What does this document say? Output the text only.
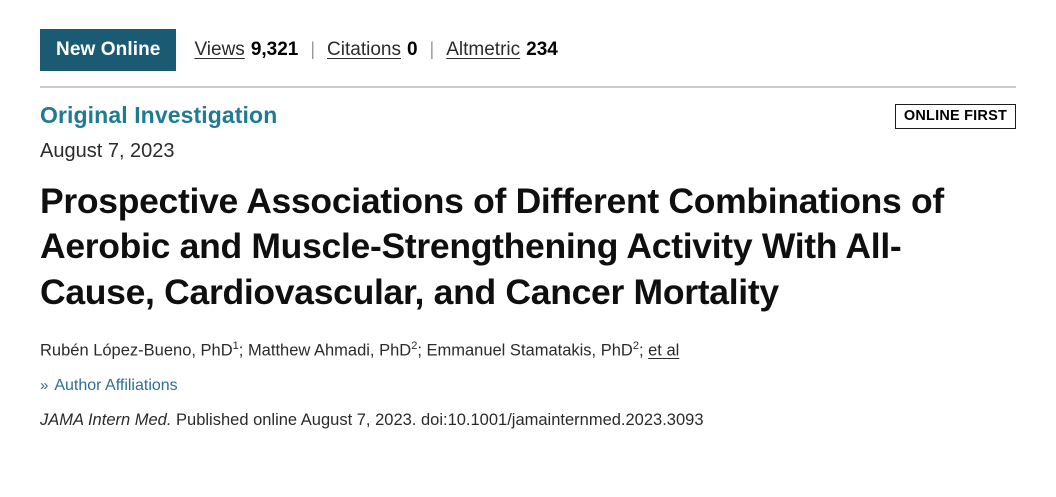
New Online	Views 9,321 | Citations 0 | Altmetric 234
Original Investigation	ONLINE FIRST
August 7, 2023
Prospective Associations of Different Combinations of Aerobic and Muscle-Strengthening Activity With All-Cause, Cardiovascular, and Cancer Mortality
Rubén López-Bueno, PhD$^1$; Matthew Ahmadi, PhD$^2$; Emmanuel Stamatakis, PhD$^2$; et al
» Author Affiliations
JAMA Intern Med. Published online August 7, 2023. doi:10.1001/jamainternmed.2023.3093
